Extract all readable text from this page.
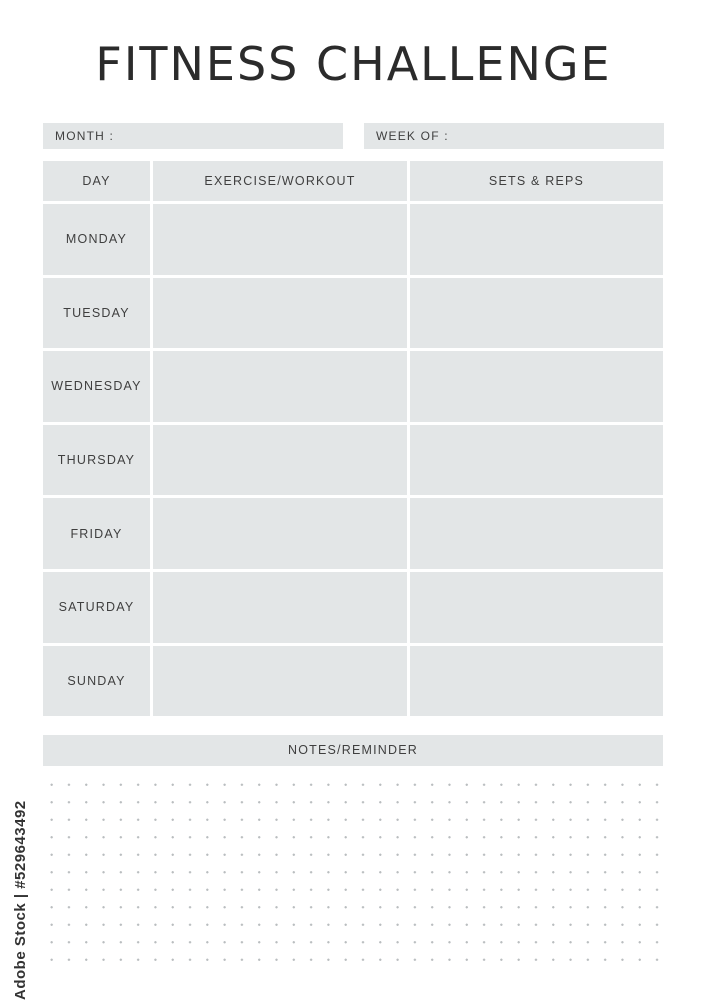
FITNESS CHALLENGE
MONTH :	WEEK OF :
DAY	EXERCISE/WORKOUT	SETS & REPS
MONDAY
TUESDAY
WEDNESDAY
THURSDAY
FRIDAY
SATURDAY
SUNDAY
NOTES/REMINDER
Adobe Stock | #529643492
